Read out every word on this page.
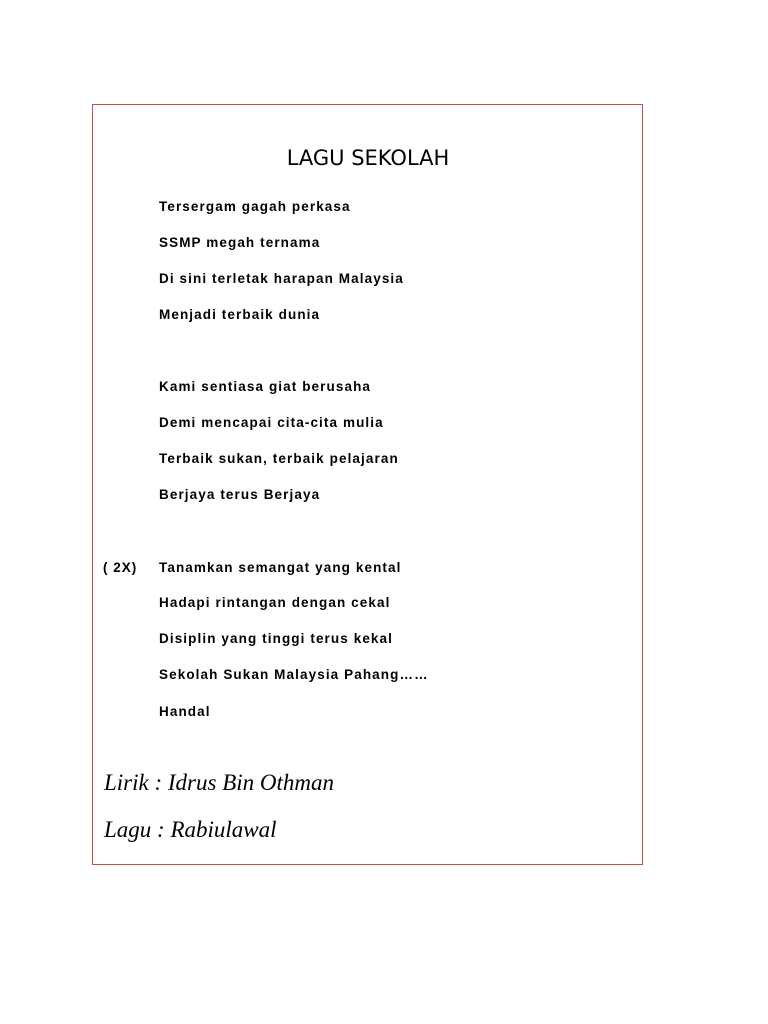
LAGU SEKOLAH
Tersergam gagah perkasa
SSMP megah ternama
Di sini terletak harapan Malaysia
Menjadi terbaik dunia
Kami sentiasa giat berusaha
Demi mencapai cita-cita mulia
Terbaik sukan, terbaik pelajaran
Berjaya terus Berjaya
( 2X) Tanamkan semangat yang kental
Hadapi rintangan dengan cekal
Disiplin yang tinggi terus kekal
Sekolah Sukan Malaysia Pahang……
Handal
Lirik : Idrus Bin Othman
Lagu : Rabiulawal
